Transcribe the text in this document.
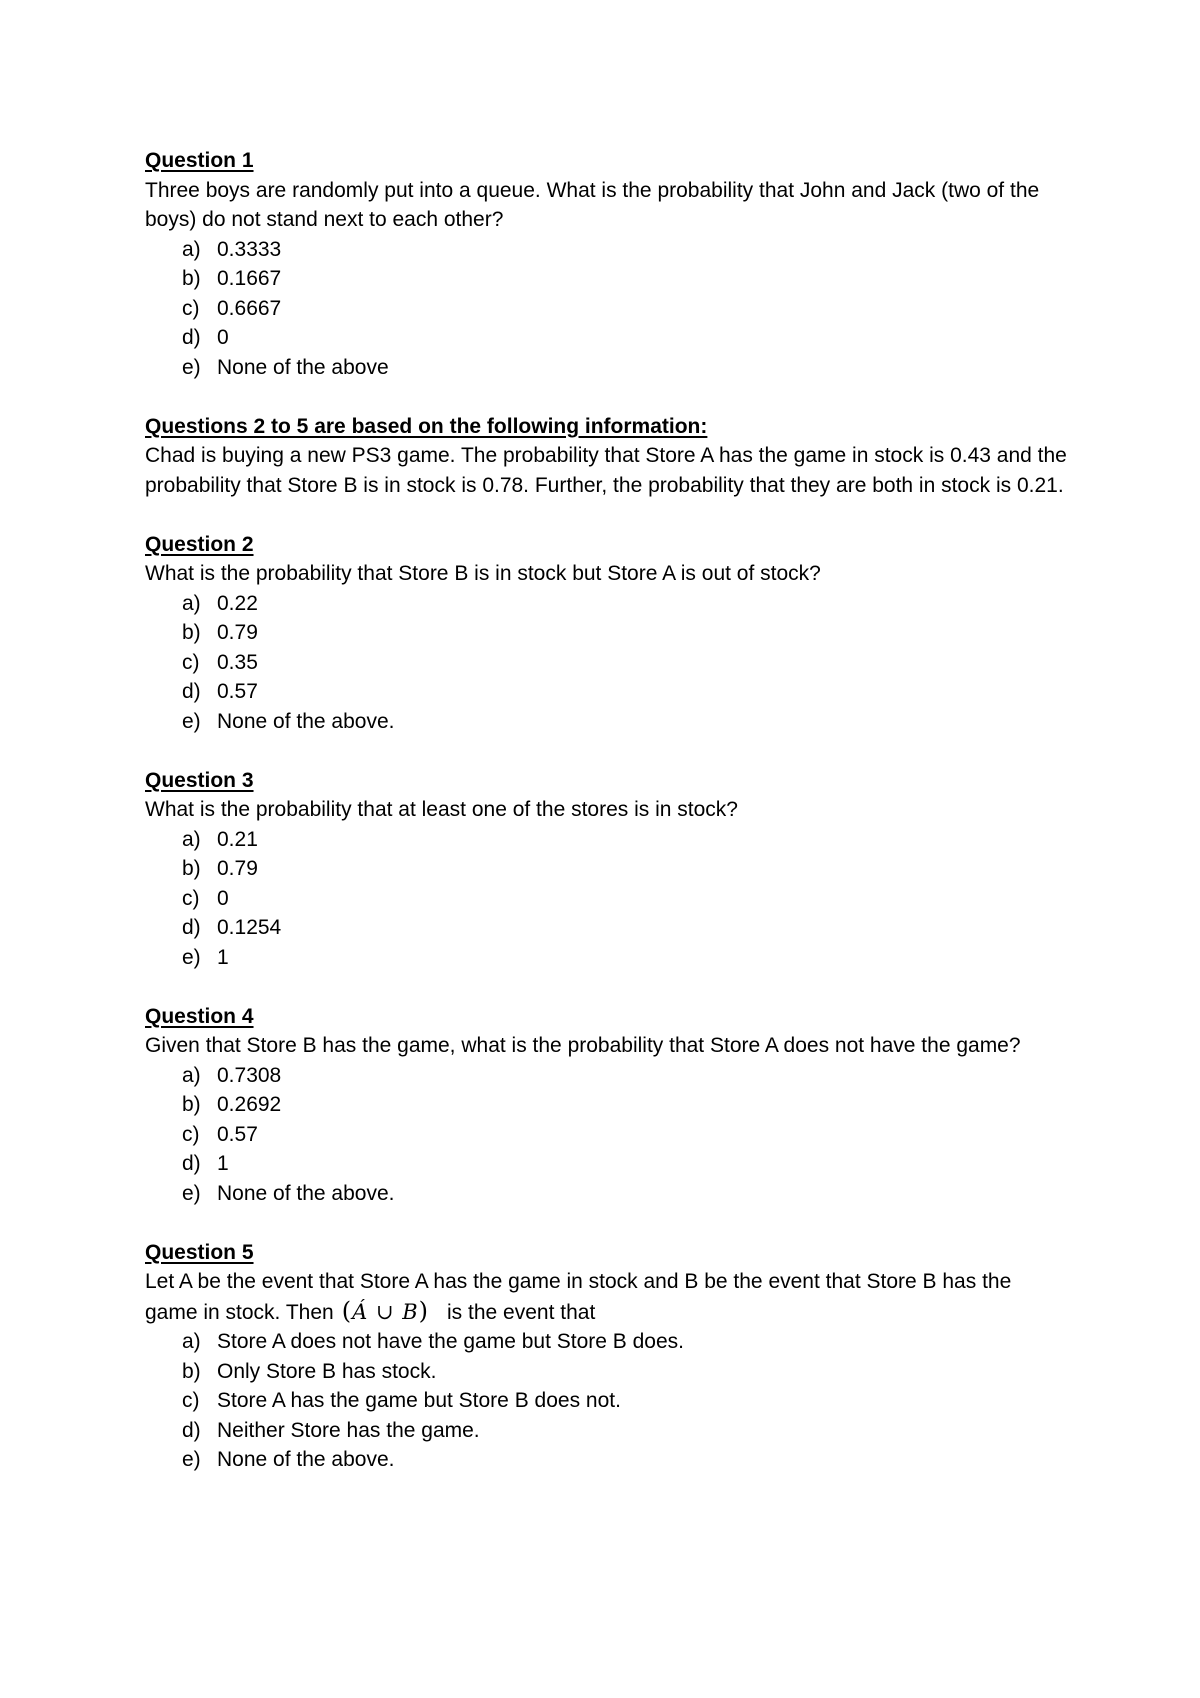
Question 1
Three boys are randomly put into a queue. What is the probability that John and Jack (two of the boys) do not stand next to each other?
a) 0.3333
b) 0.1667
c) 0.6667
d) 0
e) None of the above
Questions 2 to 5 are based on the following information:
Chad is buying a new PS3 game. The probability that Store A has the game in stock is 0.43 and the probability that Store B is in stock is 0.78. Further, the probability that they are both in stock is 0.21.
Question 2
What is the probability that Store B is in stock but Store A is out of stock?
a) 0.22
b) 0.79
c) 0.35
d) 0.57
e) None of the above.
Question 3
What is the probability that at least one of the stores is in stock?
a) 0.21
b) 0.79
c) 0
d) 0.1254
e) 1
Question 4
Given that Store B has the game, what is the probability that Store A does not have the game?
a) 0.7308
b) 0.2692
c) 0.57
d) 1
e) None of the above.
Question 5
Let A be the event that Store A has the game in stock and B be the event that Store B has the
game in stock. Then (Á ∪ B) is the event that
a) Store A does not have the game but Store B does.
b) Only Store B has stock.
c) Store A has the game but Store B does not.
d) Neither Store has the game.
e) None of the above.
